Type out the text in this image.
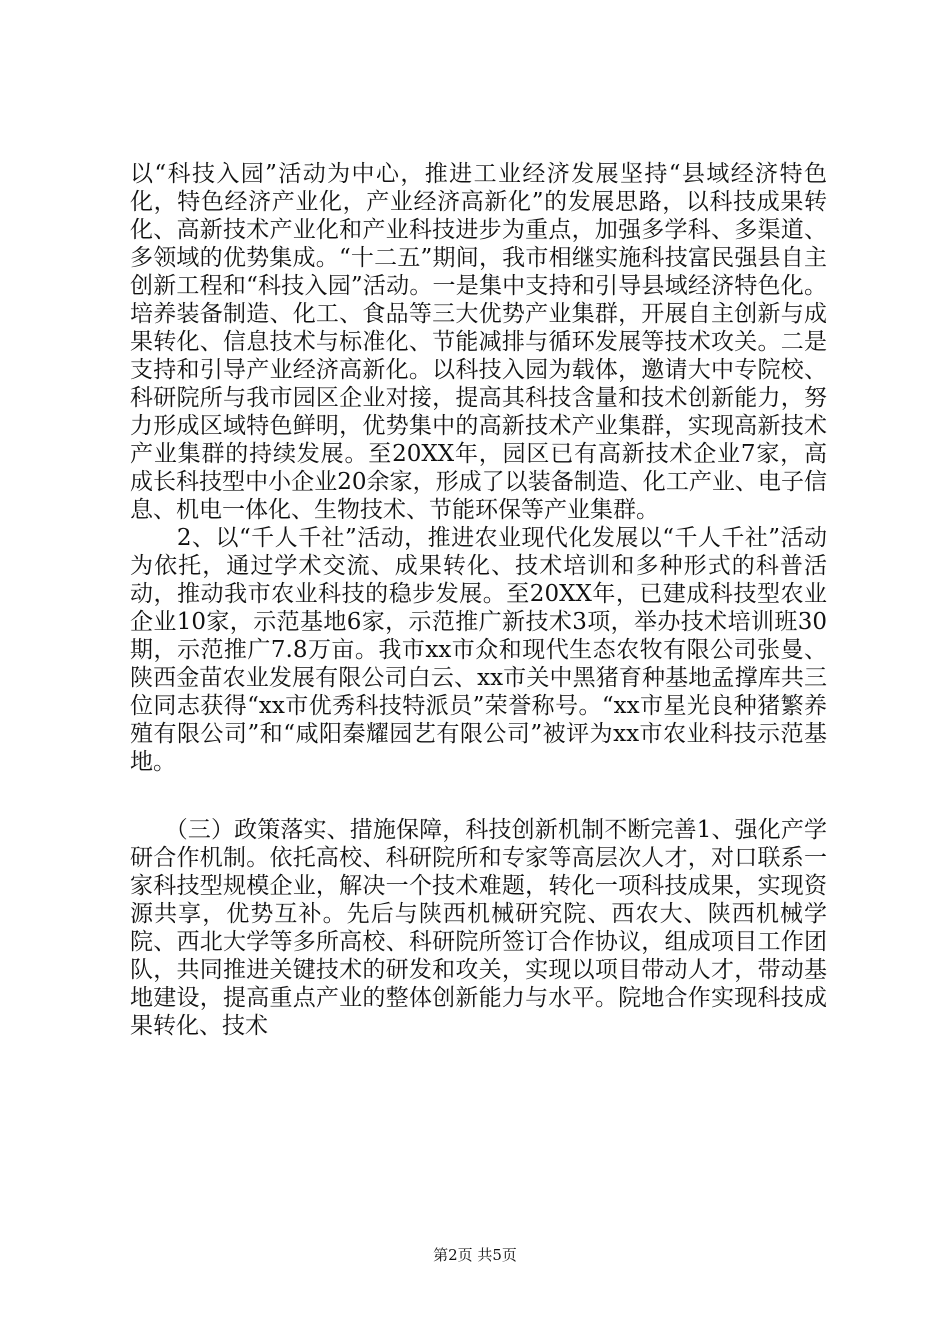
以“科技入园”活动为中心，推进工业经济发展坚持“县域经济特色化，特色经济产业化，产业经济高新化”的发展思路，以科技成果转化、高新技术产业化和产业科技进步为重点，加强多学科、多渠道、多领域的优势集成。“十二五”期间，我市相继实施科技富民强县自主创新工程和“科技入园”活动。一是集中支持和引导县域经济特色化。培养装备制造、化工、食品等三大优势产业集群，开展自主创新与成果转化、信息技术与标准化、节能减排与循环发展等技术攻关。二是支持和引导产业经济高新化。以科技入园为载体，邀请大中专院校、科研院所与我市园区企业对接，提高其科技含量和技术创新能力，努力形成区域特色鲜明，优势集中的高新技术产业集群，实现高新技术产业集群的持续发展。至20XX年，园区已有高新技术企业7家，高成长科技型中小企业20余家，形成了以装备制造、化工产业、电子信息、机电一体化、生物技术、节能环保等产业集群。

　　2、以“千人千社”活动，推进农业现代化发展以“千人千社”活动为依托，通过学术交流、成果转化、技术培训和多种形式的科普活动，推动我市农业科技的稳步发展。至20XX年，已建成科技型农业企业10家，示范基地6家，示范推广新技术3项，举办技术培训班30期，示范推广7.8万亩。我市xx市众和现代生态农牧有限公司张曼、陕西金苗农业发展有限公司白云、xx市关中黑猪育种基地孟撑库共三位同志获得“xx市优秀科技特派员”荣誉称号。“xx市星光良种猪繁养殖有限公司”和“咸阳秦耀园艺有限公司”被评为xx市农业科技示范基地。

　　（三）政策落实、措施保障，科技创新机制不断完善1、强化产学研合作机制。依托高校、科研院所和专家等高层次人才，对口联系一家科技型规模企业，解决一个技术难题，转化一项科技成果，实现资源共享，优势互补。先后与陕西机械研究院、西农大、陕西机械学院、西北大学等多所高校、科研院所签订合作协议，组成项目工作团队，共同推进关键技术的研发和攻关，实现以项目带动人才，带动基地建设，提高重点产业的整体创新能力与水平。院地合作实现科技成果转化、技术

第2页 共5页
